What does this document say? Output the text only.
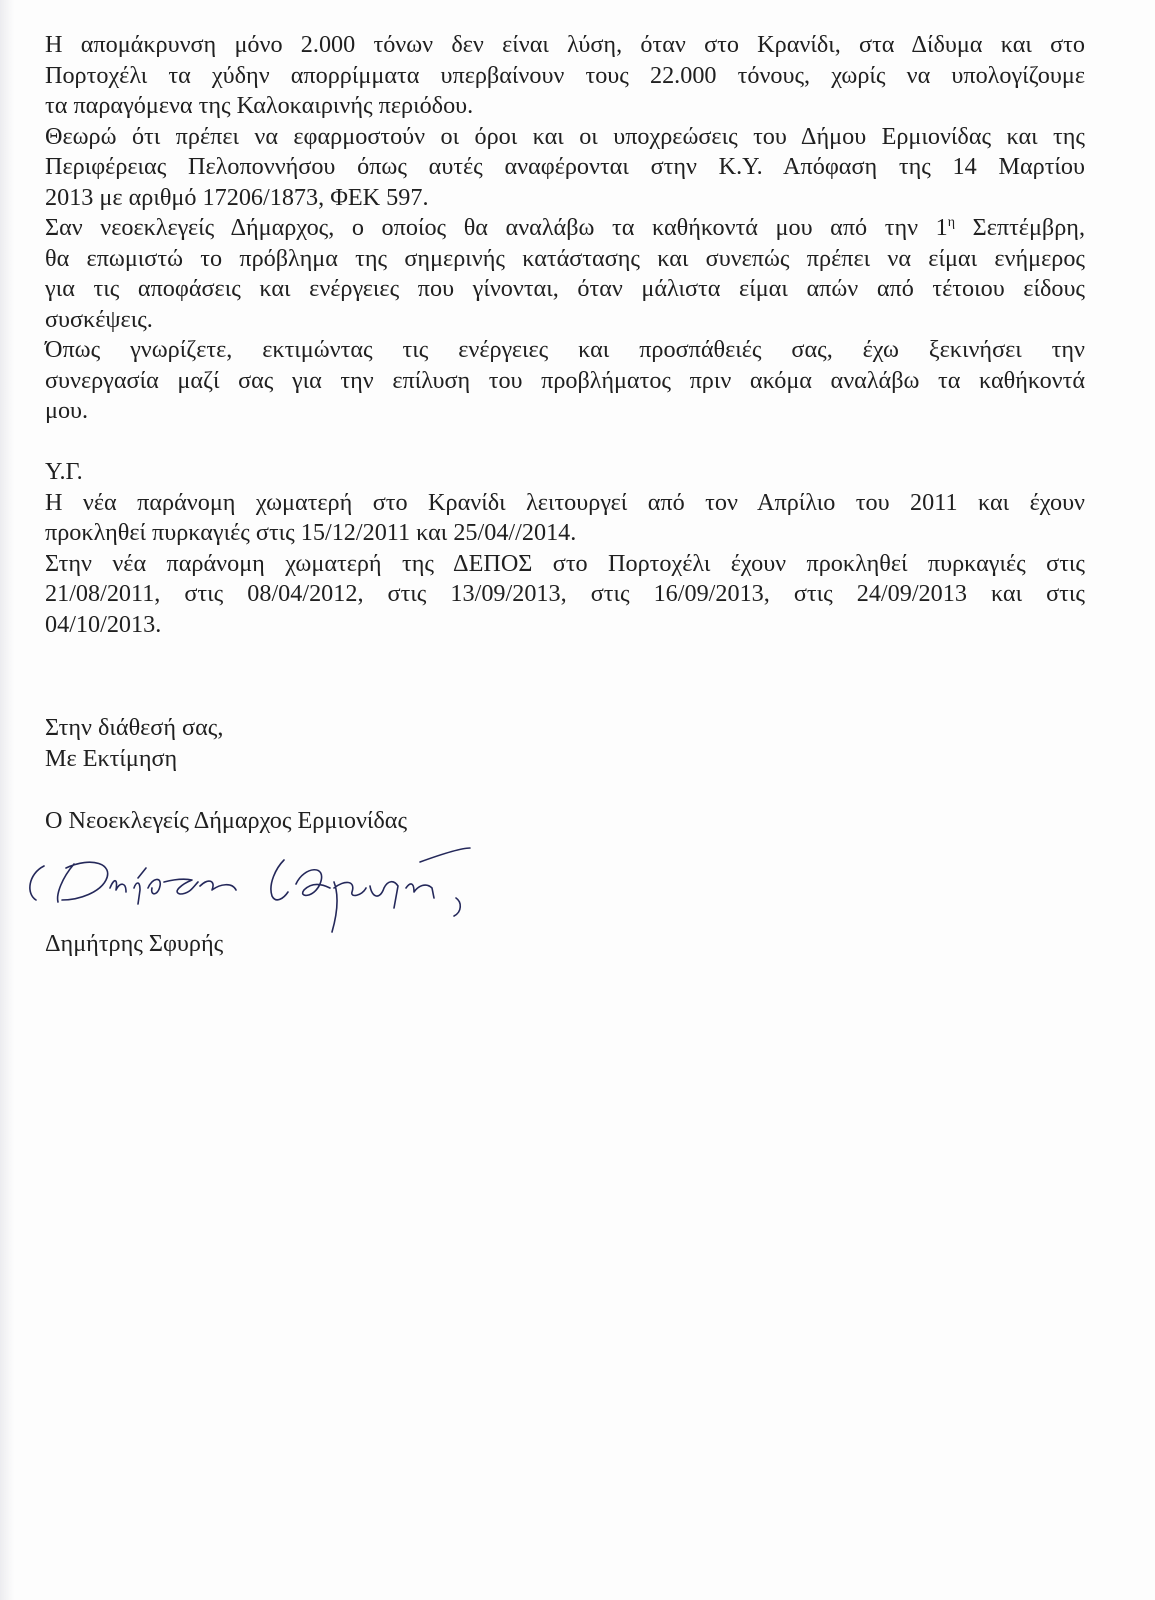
Η απομάκρυνση μόνο 2.000 τόνων δεν είναι λύση, όταν στο Κρανίδι, στα Δίδυμα και στο
Πορτοχέλι τα χύδην απορρίμματα υπερβαίνουν τους 22.000 τόνους, χωρίς να υπολογίζουμε
τα παραγόμενα της Καλοκαιρινής περιόδου.
Θεωρώ ότι πρέπει να εφαρμοστούν οι όροι και οι υποχρεώσεις του Δήμου Ερμιονίδας και της
Περιφέρειας Πελοποννήσου όπως αυτές αναφέρονται στην Κ.Υ. Απόφαση της 14 Μαρτίου
2013 με αριθμό 17206/1873, ΦΕΚ 597.
Σαν νεοεκλεγείς Δήμαρχος, ο οποίος θα αναλάβω τα καθήκοντά μου από την $1^\eta$ Σεπτέμβρη,
θα επωμιστώ το πρόβλημα της σημερινής κατάστασης και συνεπώς πρέπει να είμαι ενήμερος
για τις αποφάσεις και ενέργειες που γίνονται, όταν μάλιστα είμαι απών από τέτοιου είδους
συσκέψεις.
Όπως γνωρίζετε, εκτιμώντας τις ενέργειες και προσπάθειές σας, έχω ξεκινήσει την
συνεργασία μαζί σας για την επίλυση του προβλήματος πριν ακόμα αναλάβω τα καθήκοντά
μου.
Υ.Γ.
Η νέα παράνομη χωματερή στο Κρανίδι λειτουργεί από τον Απρίλιο του 2011 και έχουν
προκληθεί πυρκαγιές στις 15/12/2011 και 25/04//2014.
Στην νέα παράνομη χωματερή της ΔΕΠΟΣ στο Πορτοχέλι έχουν προκληθεί πυρκαγιές στις
21/08/2011, στις 08/04/2012, στις 13/09/2013, στις 16/09/2013, στις 24/09/2013 και στις
04/10/2013.
Στην διάθεσή σας,
Με Εκτίμηση
Ο Νεοεκλεγείς Δήμαρχος Ερμιονίδας
Δημήτρης Σφυρής
